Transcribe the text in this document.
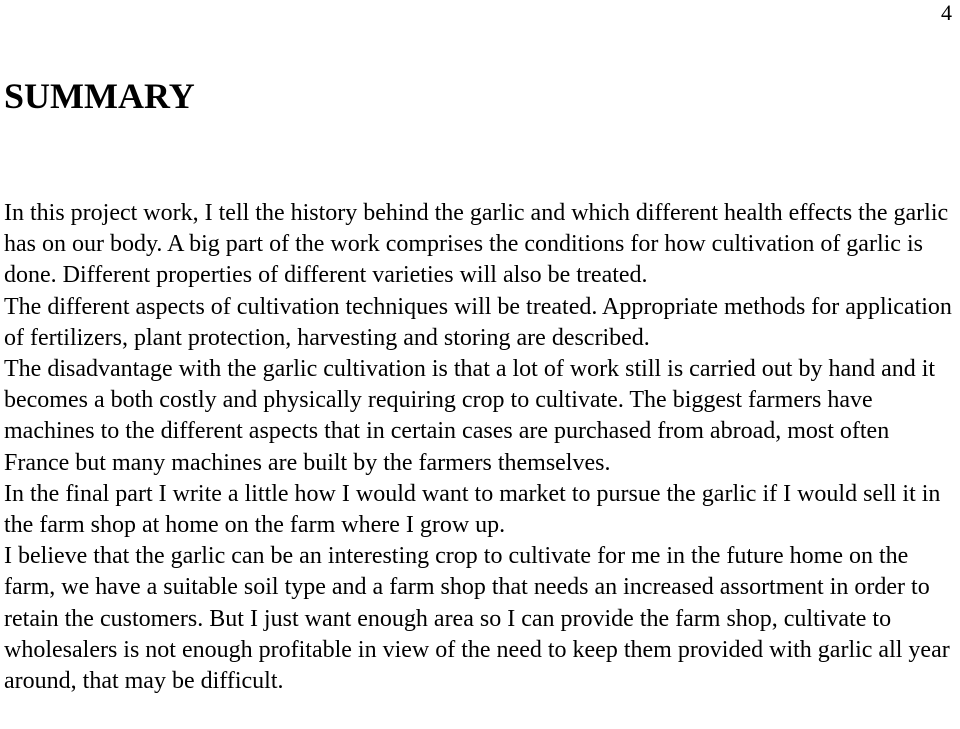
4
SUMMARY

In this project work, I tell the history behind the garlic and which different health effects the garlic has on our body. A big part of the work comprises the conditions for how cultivation of garlic is done. Different properties of different varieties will also be treated.

The different aspects of cultivation techniques will be treated. Appropriate methods for application of fertilizers, plant protection, harvesting and storing are described.

The disadvantage with the garlic cultivation is that a lot of work still is carried out by hand and it becomes a both costly and physically requiring crop to cultivate. The biggest farmers have machines to the different aspects that in certain cases are purchased from abroad, most often France but many machines are built by the farmers themselves.

In the final part I write a little how I would want to market to pursue the garlic if I would sell it in the farm shop at home on the farm where I grow up.

I believe that the garlic can be an interesting crop to cultivate for me in the future home on the farm, we have a suitable soil type and a farm shop that needs an increased assortment in order to retain the customers. But I just want enough area so I can provide the farm shop, cultivate to wholesalers is not enough profitable in view of the need to keep them provided with garlic all year around, that may be difficult.
